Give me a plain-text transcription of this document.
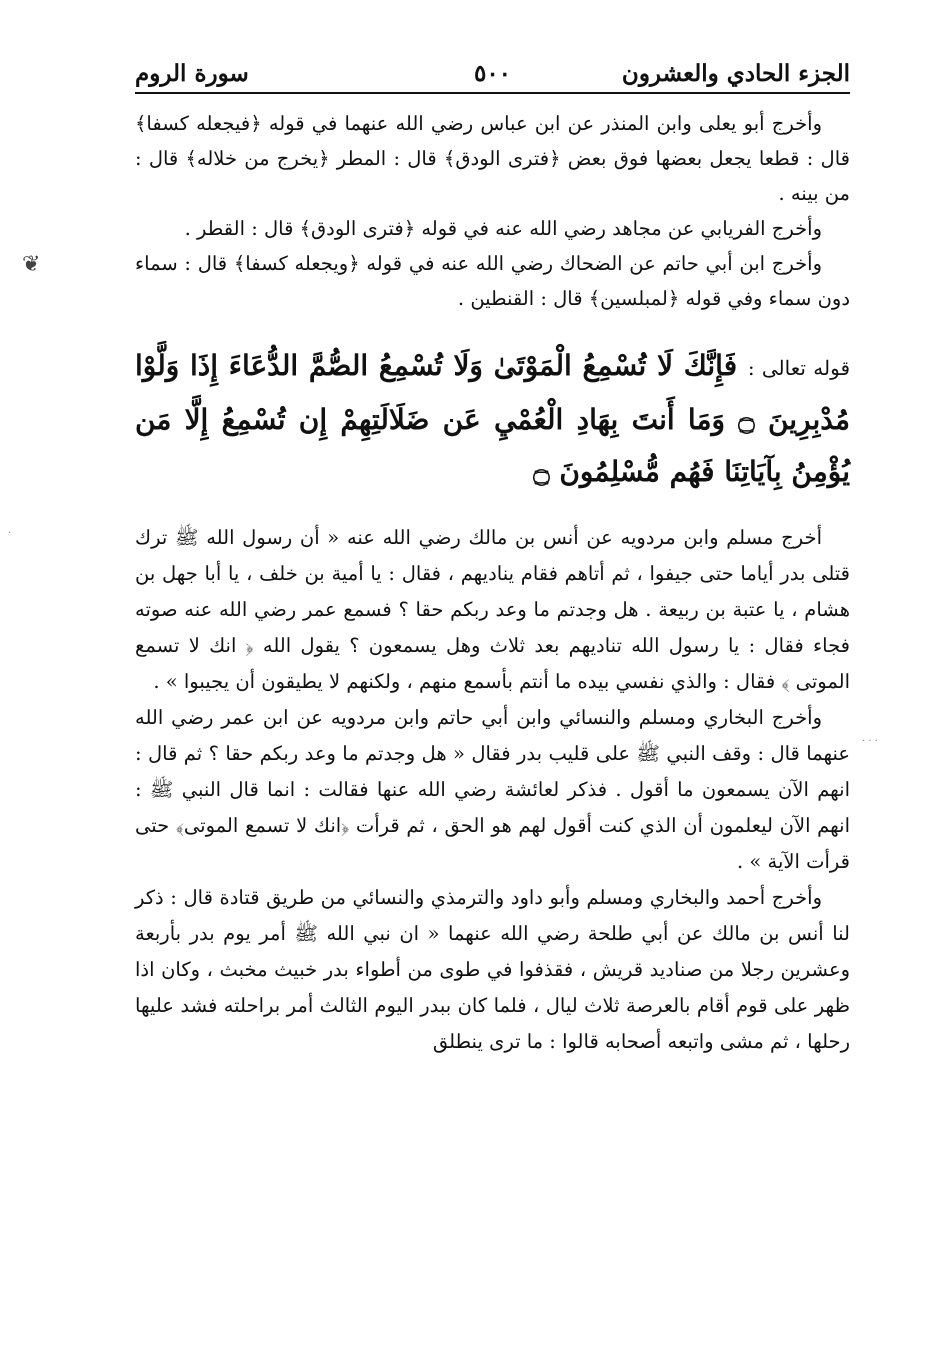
❦
·
· · ·
الجزء الحادي والعشرون
٥٠٠
سورة الروم

وأخرج أبو يعلى وابن المنذر عن ابن عباس رضي الله عنهما في قوله ﴿فيجعله كسفا﴾ قال : قطعا يجعل بعضها فوق بعض ﴿فترى الودق﴾ قال : المطر ﴿يخرج من خلاله﴾ قال : من بينه .

وأخرج الفريابي عن مجاهد رضي الله عنه في قوله ﴿فترى الودق﴾ قال : القطر .

وأخرج ابن أبي حاتم عن الضحاك رضي الله عنه في قوله ﴿ويجعله كسفا﴾ قال : سماء دون سماء وفي قوله ﴿لمبلسين﴾ قال : القنطين .

قوله تعالى : فَإِنَّكَ لَا تُسْمِعُ الْمَوْتَىٰ وَلَا تُسْمِعُ الصُّمَّ الدُّعَاءَ إِذَا وَلَّوْا مُدْبِرِينَ ۝ وَمَا أَنتَ بِهَادِ الْعُمْيِ عَن ضَلَالَتِهِمْ إِن تُسْمِعُ إِلَّا مَن يُؤْمِنُ بِآيَاتِنَا فَهُم مُّسْلِمُونَ ۝

أخرج مسلم وابن مردويه عن أنس بن مالك رضي الله عنه « أن رسول الله ﷺ ترك قتلى بدر أياما حتى جيفوا ، ثم أتاهم فقام يناديهم ، فقال : يا أمية بن خلف ، يا أبا جهل بن هشام ، يا عتبة بن ربيعة . هل وجدتم ما وعد ربكم حقا ؟ فسمع عمر رضي الله عنه صوته فجاء فقال : يا رسول الله تناديهم بعد ثلاث وهل يسمعون ؟ يقول الله ﴿ انك لا تسمع الموتى ﴾ فقال : والذي نفسي بيده ما أنتم بأسمع منهم ، ولكنهم لا يطيقون أن يجيبوا » .

وأخرج البخاري ومسلم والنسائي وابن أبي حاتم وابن مردويه عن ابن عمر رضي الله عنهما قال : وقف النبي ﷺ على قليب بدر فقال « هل وجدتم ما وعد ربكم حقا ؟ ثم قال : انهم الآن يسمعون ما أقول . فذكر لعائشة رضي الله عنها فقالت : انما قال النبي ﷺ : انهم الآن ليعلمون أن الذي كنت أقول لهم هو الحق ، ثم قرأت ﴿انك لا تسمع الموتى﴾ حتى قرأت الآية » .

وأخرج أحمد والبخاري ومسلم وأبو داود والترمذي والنسائي من طريق قتادة قال : ذكر لنا أنس بن مالك عن أبي طلحة رضي الله عنهما « ان نبي الله ﷺ أمر يوم بدر بأربعة وعشرين رجلا من صناديد قريش ، فقذفوا في طوى من أطواء بدر خبيث مخبث ، وكان اذا ظهر على قوم أقام بالعرصة ثلاث ليال ، فلما كان ببدر اليوم الثالث أمر براحلته فشد عليها رحلها ، ثم مشى واتبعه أصحابه قالوا : ما ترى ينطلق
